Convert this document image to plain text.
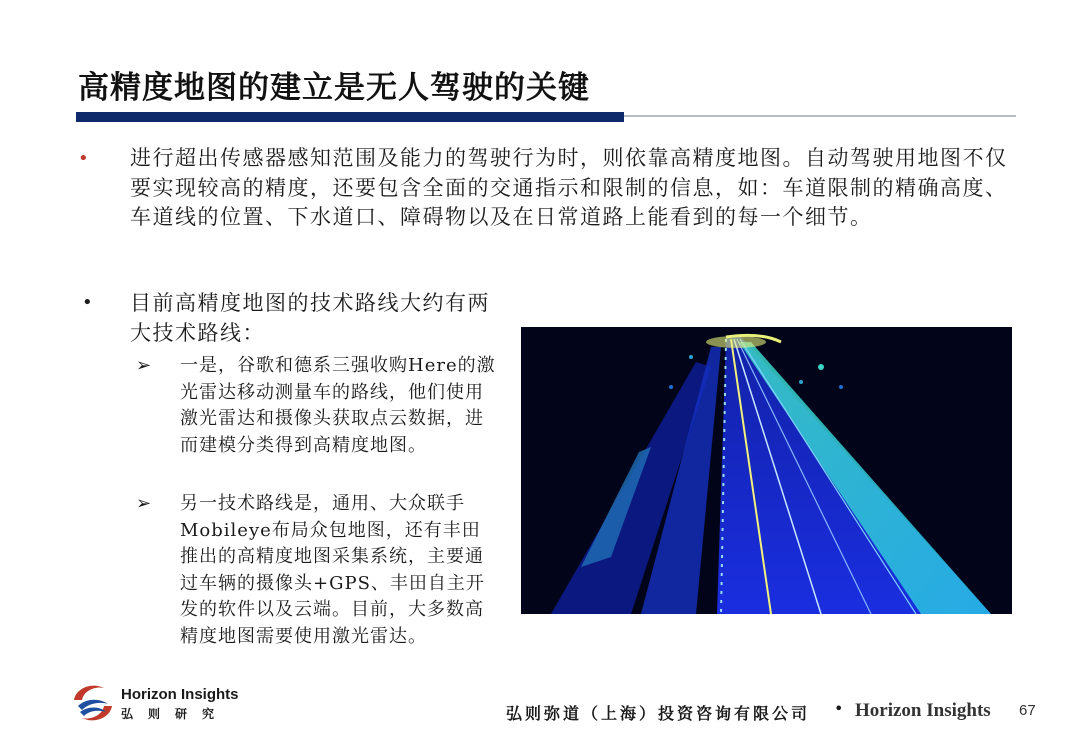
高精度地图的建立是无人驾驶的关键
• 进行超出传感器感知范围及能力的驾驶行为时，则依靠高精度地图。自动驾驶用地图不仅要实现较高的精度，还要包含全面的交通指示和限制的信息，如：车道限制的精确高度、车道线的位置、下水道口、障碍物以及在日常道路上能看到的每一个细节。
• 目前高精度地图的技术路线大约有两大技术路线：
➢ 一是，谷歌和德系三强收购Here的激光雷达移动测量车的路线，他们使用激光雷达和摄像头获取点云数据，进而建模分类得到高精度地图。
➢ 另一技术路线是，通用、大众联手Mobileye布局众包地图，还有丰田推出的高精度地图采集系统，主要通过车辆的摄像头+GPS、丰田自主开发的软件以及云端。目前，大多数高精度地图需要使用激光雷达。
Horizon Insights
弘则研究	弘则弥道（上海）投资咨询有限公司 • Horizon Insights 67
